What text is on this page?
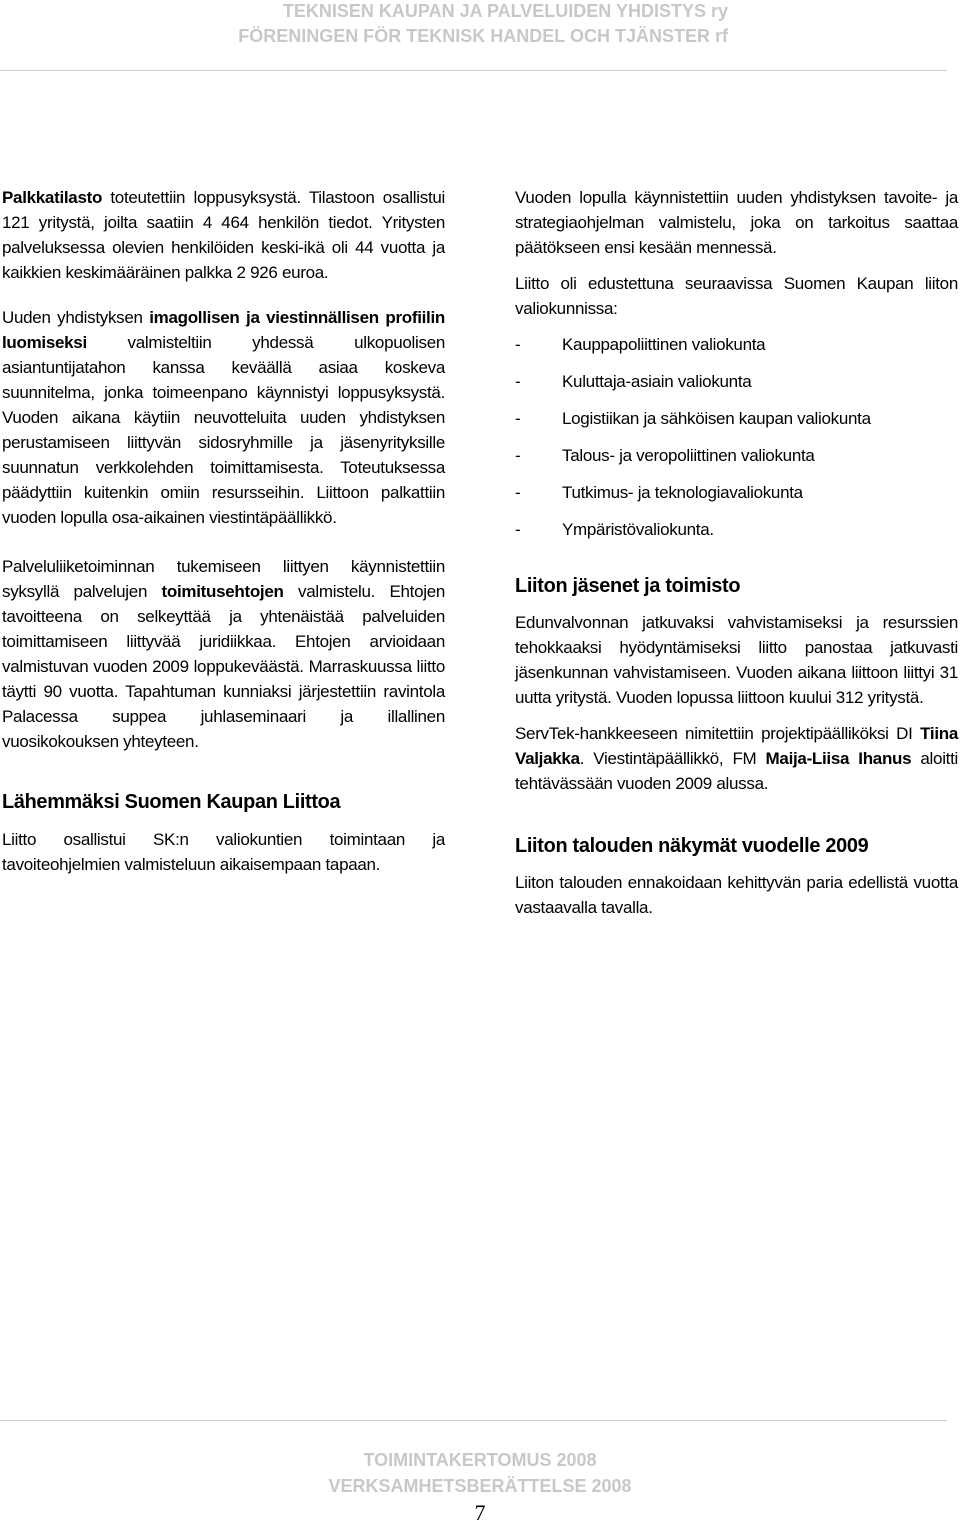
TEKNISEN KAUPAN JA PALVELUIDEN YHDISTYS ry
FÖRENINGEN FÖR TEKNISK HANDEL OCH TJÄNSTER rf

Palkkatilasto toteutettiin loppusyksystä. Tilastoon osallistui 121 yritystä, joilta saatiin 4 464 henkilön tiedot. Yritysten palveluksessa olevien henkilöiden keski-ikä oli 44 vuotta ja kaikkien keskimääräinen palkka 2 926 euroa.

Uuden yhdistyksen imagollisen ja viestinnällisen profiilin luomiseksi valmisteltiin yhdessä ulkopuolisen asiantuntijatahon kanssa keväällä asiaa koskeva suunnitelma, jonka toimeenpano käynnistyi loppusyksystä. Vuoden aikana käytiin neuvotteluita uuden yhdistyksen perustamiseen liittyvän sidosryhmille ja jäsenyrityksille suunnatun verkkolehden toimittamisesta. Toteutuksessa päädyttiin kuitenkin omiin resursseihin. Liittoon palkattiin vuoden lopulla osa-aikainen viestintäpäällikkö.

Palveluliiketoiminnan tukemiseen liittyen käynnistettiin syksyllä palvelujen toimitusehtojen valmistelu. Ehtojen tavoitteena on selkeyttää ja yhtenäistää palveluiden toimittamiseen liittyvää juridiikkaa. Ehtojen arvioidaan valmistuvan vuoden 2009 loppukeväästä. Marraskuussa liitto täytti 90 vuotta. Tapahtuman kunniaksi järjestettiin ravintola Palacessa suppea juhlaseminaari ja illallinen vuosikokouksen yhteyteen.

Lähemmäksi Suomen Kaupan Liittoa

Liitto osallistui SK:n valiokuntien toimintaan ja tavoiteohjelmien valmisteluun aikaisempaan tapaan.

Vuoden lopulla käynnistettiin uuden yhdistyksen tavoite- ja strategiaohjelman valmistelu, joka on tarkoitus saattaa päätökseen ensi kesään mennessä.

Liitto oli edustettuna seuraavissa Suomen Kaupan liiton valiokunnissa:

-	Kauppapoliittinen valiokunta
-	Kuluttaja-asiain valiokunta
-	Logistiikan ja sähköisen kaupan valiokunta
-	Talous- ja veropoliittinen valiokunta
-	Tutkimus- ja teknologiavaliokunta
-	Ympäristövaliokunta.
Liiton jäsenet ja toimisto

Edunvalvonnan jatkuvaksi vahvistamiseksi ja resurssien tehokkaaksi hyödyntämiseksi liitto panostaa jatkuvasti jäsenkunnan vahvistamiseen. Vuoden aikana liittoon liittyi 31 uutta yritystä. Vuoden lopussa liittoon kuului 312 yritystä.

ServTek-hankkeeseen nimitettiin projektipäälliköksi DI Tiina Valjakka. Viestintäpäällikkö, FM Maija-Liisa Ihanus aloitti tehtävässään vuoden 2009 alussa.

Liiton talouden näkymät vuodelle 2009

Liiton talouden ennakoidaan kehittyvän paria edellistä vuotta vastaavalla tavalla.

TOIMINTAKERTOMUS 2008
VERKSAMHETSBERÄTTELSE 2008
7
